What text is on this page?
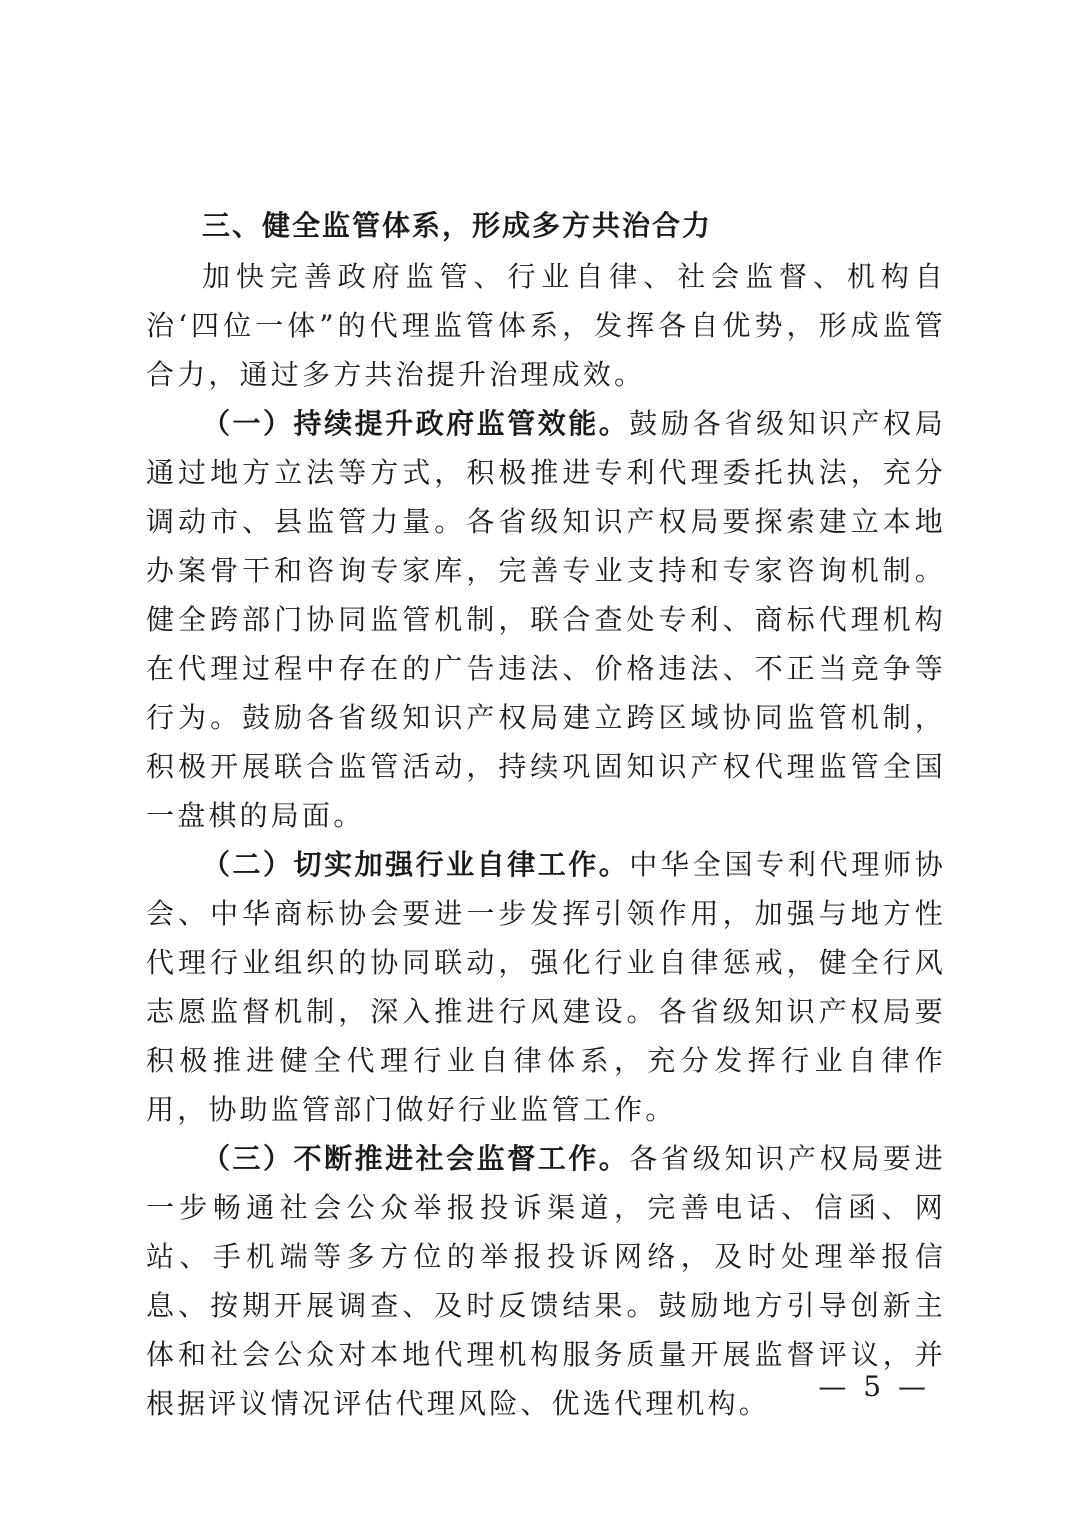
三、健全监管体系，形成多方共治合力

加快完善政府监管、行业自律、社会监督、机构自治‘四位一体”的代理监管体系，发挥各自优势，形成监管合力，通过多方共治提升治理成效。

（一）持续提升政府监管效能。鼓励各省级知识产权局通过地方立法等方式，积极推进专利代理委托执法，充分调动市、县监管力量。各省级知识产权局要探索建立本地办案骨干和咨询专家库，完善专业支持和专家咨询机制。健全跨部门协同监管机制，联合查处专利、商标代理机构在代理过程中存在的广告违法、价格违法、不正当竞争等行为。鼓励各省级知识产权局建立跨区域协同监管机制，积极开展联合监管活动，持续巩固知识产权代理监管全国一盘棋的局面。

（二）切实加强行业自律工作。中华全国专利代理师协会、中华商标协会要进一步发挥引领作用，加强与地方性代理行业组织的协同联动，强化行业自律惩戒，健全行风志愿监督机制，深入推进行风建设。各省级知识产权局要积极推进健全代理行业自律体系，充分发挥行业自律作用，协助监管部门做好行业监管工作。

（三）不断推进社会监督工作。各省级知识产权局要进一步畅通社会公众举报投诉渠道，完善电话、信函、网站、手机端等多方位的举报投诉网络，及时处理举报信息、按期开展调查、及时反馈结果。鼓励地方引导创新主体和社会公众对本地代理机构服务质量开展监督评议，并根据评议情况评估代理风险、优选代理机构。

— 5 —
